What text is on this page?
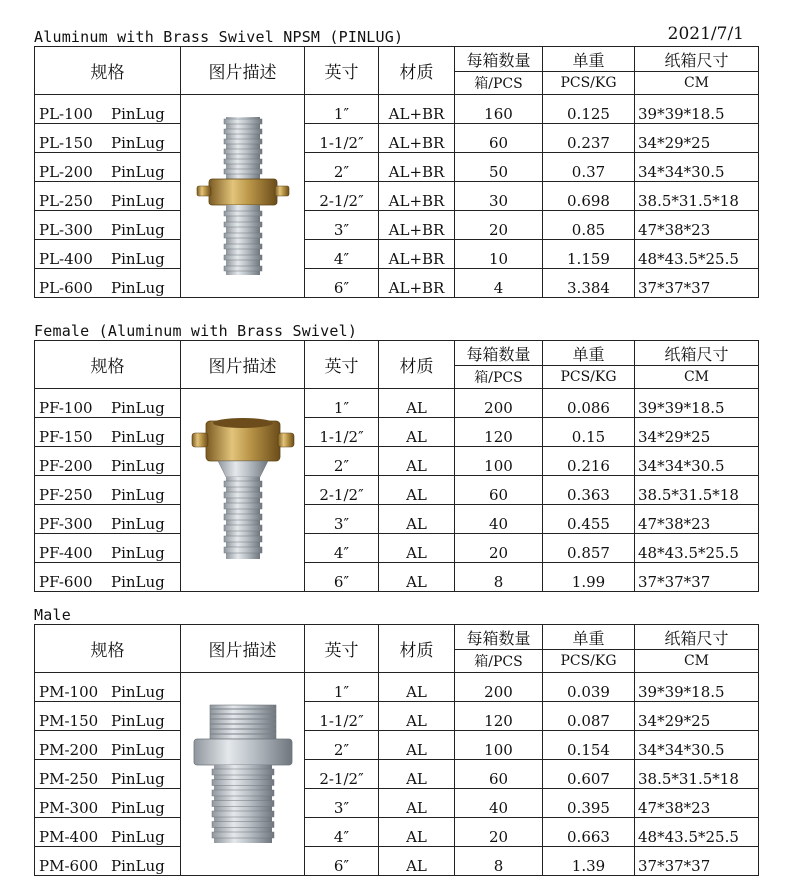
Aluminum with Brass Swivel NPSM (PINLUG)	2021/7/1
规格	图片描述	英寸	材质	每箱数量	单重	纸箱尺寸
				箱/PCS	PCS/KG	CM
PL-100 PinLug		1″	AL+BR	160	0.125	39*39*18.5
PL-150 PinLug		1-1/2″	AL+BR	60	0.237	34*29*25
PL-200 PinLug		2″	AL+BR	50	0.37	34*34*30.5
PL-250 PinLug		2-1/2″	AL+BR	30	0.698	38.5*31.5*18
PL-300 PinLug		3″	AL+BR	20	0.85	47*38*23
PL-400 PinLug		4″	AL+BR	10	1.159	48*43.5*25.5
PL-600 PinLug		6″	AL+BR	4	3.384	37*37*37
Female (Aluminum with Brass Swivel)
规格	图片描述	英寸	材质	每箱数量	单重	纸箱尺寸
				箱/PCS	PCS/KG	CM
PF-100 PinLug		1″	AL	200	0.086	39*39*18.5
PF-150 PinLug		1-1/2″	AL	120	0.15	34*29*25
PF-200 PinLug		2″	AL	100	0.216	34*34*30.5
PF-250 PinLug		2-1/2″	AL	60	0.363	38.5*31.5*18
PF-300 PinLug		3″	AL	40	0.455	47*38*23
PF-400 PinLug		4″	AL	20	0.857	48*43.5*25.5
PF-600 PinLug		6″	AL	8	1.99	37*37*37
Male
规格	图片描述	英寸	材质	每箱数量	单重	纸箱尺寸
				箱/PCS	PCS/KG	CM
PM-100 PinLug		1″	AL	200	0.039	39*39*18.5
PM-150 PinLug		1-1/2″	AL	120	0.087	34*29*25
PM-200 PinLug		2″	AL	100	0.154	34*34*30.5
PM-250 PinLug		2-1/2″	AL	60	0.607	38.5*31.5*18
PM-300 PinLug		3″	AL	40	0.395	47*38*23
PM-400 PinLug		4″	AL	20	0.663	48*43.5*25.5
PM-600 PinLug		6″	AL	8	1.39	37*37*37
